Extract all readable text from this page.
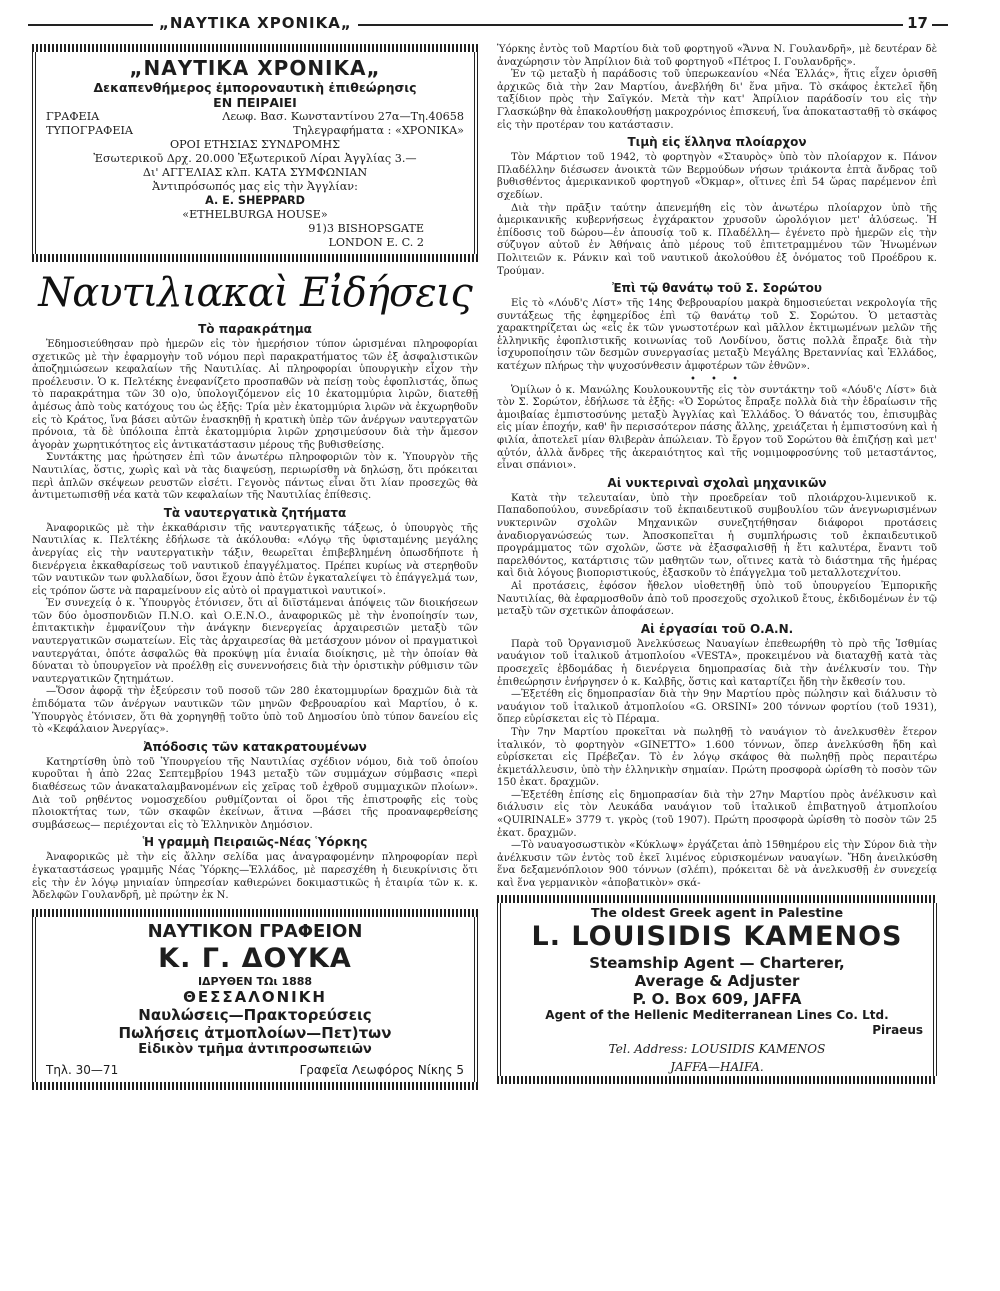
„ΝΑΥΤΙΚΑ ΧΡΟΝΙΚΑ„	17
„ΝΑΥΤΙΚΑ ΧΡΟΝΙΚΑ„
Δεκαπενθήμερος ἐμποροναυτικὴ ἐπιθεώρησις
ΕΝ ΠΕΙΡΑΙΕΙ
ΓΡΑΦΕΙΑ	Λεωφ. Βασ. Κωνσταντίνου 27α—Τη.40658
ΤΥΠΟΓΡΑΦΕΙΑ	Τηλεγραφήματα : «ΧΡΟΝΙΚΑ»
ΟΡΟΙ ΕΤΗΣΙΑΣ ΣΥΝΔΡΟΜΗΣ
Ἐσωτερικοῦ Δρχ. 20.000 Ἐξωτερικοῦ Λίραι Ἀγγλίας 3.—
Δι' ΑΓΓΕΛΙΑΣ κλπ. ΚΑΤΑ ΣΥΜΦΩΝΙΑΝ
Ἀντιπρόσωπός μας εἰς τὴν Ἀγγλίαν:
A. E. SHEPPARD
«ETHELBURGA HOUSE»
91)3 BISHOPSGATE
LONDON E. C. 2
Ναυτιλιακαὶ Εἰδήσεις
Τὸ παρακράτημα

Ἐδημοσιεύθησαν πρὸ ἡμερῶν εἰς τὸν ἡμερήσιον τύπον ὡρισμέναι πληροφορίαι σχετικῶς μὲ τὴν ἐφαρμογὴν τοῦ νόμου περὶ παρακρατήματος τῶν ἐξ ἀσφαλιστικῶν ἀποζημιώσεων κεφαλαίων τῆς Ναυτιλίας. Αἱ πληροφορίαι ὑπουργικὴν εἶχον τὴν προέλευσιν. Ὁ κ. Πελτέκης ἐνεφανίζετο προσπαθῶν νὰ πείσῃ τοὺς ἐφοπλιστάς, ὅπως τὸ παρακράτημα τῶν 30 ο)ο, ὑπολογιζόμενον εἰς 10 ἑκατομμύρια λιρῶν, διατεθῇ ἀμέσως ἀπὸ τοὺς κατόχους του ὡς ἑξῆς: Τρία μὲν ἑκατομμύρια λιρῶν νὰ ἐκχωρηθοῦν εἰς τὸ Κράτος, ἵνα βάσει αὐτῶν ἐνασκηθῇ ἡ κρατικὴ ὑπὲρ τῶν ἀνέργων ναυτεργατῶν πρόνοια, τὰ δὲ ὑπόλοιπα ἑπτὰ ἑκατομμύρια λιρῶν χρησιμεύσουν διὰ τὴν ἄμεσον ἀγορὰν χωρητικότητος εἰς ἀντικατάστασιν μέρους τῆς βυθισθείσης.

Συντάκτης μας ἠρώτησεν ἐπὶ τῶν ἀνωτέρω πληροφοριῶν τὸν κ. Ὑπουργὸν τῆς Ναυτιλίας, ὅστις, χωρὶς καὶ νὰ τὰς διαψεύσῃ, περιωρίσθη νὰ δηλώσῃ, ὅτι πρόκειται περὶ ἁπλῶν σκέψεων ρευστῶν εἰσέτι. Γεγονὸς πάντως εἶναι ὅτι λίαν προσεχῶς θὰ ἀντιμετωπισθῇ νέα κατὰ τῶν κεφαλαίων τῆς Ναυτιλίας ἐπίθεσις.

Τὰ ναυτεργατικὰ ζητήματα

Ἀναφορικῶς μὲ τὴν ἐκκαθάρισιν τῆς ναυτεργατικῆς τάξεως, ὁ ὑπουργὸς τῆς Ναυτιλίας κ. Πελτέκης ἐδήλωσε τὰ ἀκόλουθα: «Λόγῳ τῆς ὑφισταμένης μεγάλης ἀνεργίας εἰς τὴν ναυτεργατικὴν τάξιν, θεωρεῖται ἐπιβεβλημένη ὁπωσδήποτε ἡ διενέργεια ἐκκαθαρίσεως τοῦ ναυτικοῦ ἐπαγγέλματος. Πρέπει κυρίως νὰ στερηθοῦν τῶν ναυτικῶν των φυλλαδίων, ὅσοι ἔχουν ἀπὸ ἐτῶν ἐγκαταλείψει τὸ ἐπάγγελμά των, εἰς τρόπον ὥστε νὰ παραμείνουν εἰς αὐτὸ οἱ πραγματικοὶ ναυτικοί».

Ἐν συνεχείᾳ ὁ κ. Ὑπουργὸς ἐτόνισεν, ὅτι αἱ διϊστάμεναι ἀπόψεις τῶν διοικήσεων τῶν δύο ὁμοσπονδιῶν Π.Ν.Ο. καὶ Ο.Ε.Ν.Ο., ἀναφορικῶς μὲ τὴν ἑνοποίησίν των, ἐπιτακτικὴν ἐμφανίζουν τὴν ἀνάγκην διενεργείας ἀρχαιρεσιῶν μεταξὺ τῶν ναυτεργατικῶν σωματείων. Εἰς τὰς ἀρχαιρεσίας θὰ μετάσχουν μόνον οἱ πραγματικοὶ ναυτεργάται, ὁπότε ἀσφαλῶς θὰ προκύψῃ μία ἑνιαία διοίκησις, μὲ τὴν ὁποίαν θὰ δύναται τὸ ὑπουργεῖον νὰ προέλθῃ εἰς συνεννοήσεις διὰ τὴν ὁριστικὴν ρύθμισιν τῶν ναυτεργατικῶν ζητημάτων.

—Ὅσον ἀφορᾷ τὴν ἐξεύρεσιν τοῦ ποσοῦ τῶν 280 ἑκατομμυρίων δραχμῶν διὰ τὰ ἐπιδόματα τῶν ἀνέργων ναυτικῶν τῶν μηνῶν Φεβρουαρίου καὶ Μαρτίου, ὁ κ. Ὑπουργὸς ἐτόνισεν, ὅτι θὰ χορηγηθῇ τοῦτο ὑπὸ τοῦ Δημοσίου ὑπὸ τύπον δανείου εἰς τὸ «Κεφάλαιον Ἀνεργίας».

Ἀπόδοσις τῶν κατακρατουμένων

Κατηρτίσθη ὑπὸ τοῦ Ὑπουργείου τῆς Ναυτιλίας σχέδιον νόμου, διὰ τοῦ ὁποίου κυροῦται ἡ ἀπὸ 22ας Σεπτεμβρίου 1943 μεταξὺ τῶν συμμάχων σύμβασις «περὶ διαθέσεως τῶν ἀνακαταλαμβανομένων εἰς χεῖρας τοῦ ἐχθροῦ συμμαχικῶν πλοίων». Διὰ τοῦ ρηθέντος νομοσχεδίου ρυθμίζονται οἱ ὅροι τῆς ἐπιστροφῆς εἰς τοὺς πλοιοκτήτας των, τῶν σκαφῶν ἐκείνων, ἅτινα —βάσει τῆς προαναφερθείσης συμβάσεως— περιέχονται εἰς τὸ Ἑλληνικὸν Δημόσιον.

Ἡ γραμμὴ Πειραιῶς-Νέας Ὑόρκης

Ἀναφορικῶς μὲ τὴν εἰς ἄλλην σελίδα μας ἀναγραφομένην πληροφορίαν περὶ ἐγκαταστάσεως γραμμῆς Νέας Ὑόρκης—Ἑλλάδος, μὲ παρεσχέθη ἡ διευκρίνισις ὅτι εἰς τὴν ἐν λόγῳ μηνιαίαν ὑπηρεσίαν καθιερώνει δοκιμαστικῶς ἡ ἑταιρία τῶν κ. κ. Ἀδελφῶν Γουλανδρῆ, μὲ πρώτην ἐκ Ν.

ΝΑΥΤΙΚΟΝ ΓΡΑΦΕΙΟΝ
Κ. Γ. ΔΟΥΚΑ
ΙΔΡΥΘΕΝ ΤΩι 1888
ΘΕΣΣΑΛΟΝΙΚΗ
Ναυλώσεις—Πρακτορεύσεις
Πωλήσεις ἀτμοπλοίων—Πετ)των
Εἰδικὸν τμῆμα ἀντιπροσωπειῶν
Τηλ. 30—71	Γραφεῖα Λεωφόρος Νίκης 5

Ὑόρκης ἐντὸς τοῦ Μαρτίου διὰ τοῦ φορτηγοῦ «Ἄννα Ν. Γουλανδρῆ», μὲ δευτέραν δὲ ἀναχώρησιν τὸν Ἀπρίλιον διὰ τοῦ φορτηγοῦ «Πέτρος Ι. Γουλανδρῆς».

Ἐν τῷ μεταξὺ ἡ παράδοσις τοῦ ὑπερωκεανίου «Νέα Ἑλλάς», ἥτις εἶχεν ὁρισθῆ ἀρχικῶς διὰ τὴν 2αν Μαρτίου, ἀνεβλήθη δι' ἕνα μῆνα. Τὸ σκάφος ἐκτελεῖ ἤδη ταξίδιον πρὸς τὴν Σαϊγκόν. Μετὰ τὴν κατ' Ἀπρίλιον παράδοσίν του εἰς τὴν Γλασκώβην θὰ ἐπακολουθήσῃ μακροχρόνιος ἐπισκευή, ἵνα ἀποκατασταθῇ τὸ σκάφος εἰς τὴν προτέραν του κατάστασιν.

Τιμὴ εἰς ἕλληνα πλοίαρχον

Τὸν Μάρτιον τοῦ 1942, τὸ φορτηγὸν «Σταυρὸς» ὑπὸ τὸν πλοίαρχον κ. Πάνον Πλαδέλλην διέσωσεν ἀνοικτὰ τῶν Βερμούδων νήσων τριάκοντα ἑπτὰ ἄνδρας τοῦ βυθισθέντος ἀμερικανικοῦ φορτηγοῦ «Ὀκμαρ», οἵτινες ἐπὶ 54 ὥρας παρέμενον ἐπὶ σχεδίων.

Διὰ τὴν πρᾶξιν ταύτην ἀπενεμήθη εἰς τὸν ἀνωτέρω πλοίαρχον ὑπὸ τῆς ἀμερικανικῆς κυβερνήσεως ἐγχάρακτον χρυσοῦν ὡρολόγιον μετ' ἁλύσεως. Ἡ ἐπίδοσις τοῦ δώρου—ἐν ἀπουσίᾳ τοῦ κ. Πλαδέλλη— ἐγένετο πρὸ ἡμερῶν εἰς τὴν σύζυγον αὐτοῦ ἐν Ἀθήναις ἀπὸ μέρους τοῦ ἐπιτετραμμένου τῶν Ἡνωμένων Πολιτειῶν κ. Ράνκιν καὶ τοῦ ναυτικοῦ ἀκολούθου ἐξ ὀνόματος τοῦ Προέδρου κ. Τρούμαν.

Ἐπὶ τῷ θανάτῳ τοῦ Σ. Σορώτου

Εἰς τὸ «Λόυδ'ς Λίστ» τῆς 14ης Φεβρουαρίου μακρὰ δημοσιεύεται νεκρολογία τῆς συντάξεως τῆς ἐφημερίδος ἐπὶ τῷ θανάτῳ τοῦ Σ. Σορώτου. Ὁ μεταστὰς χαρακτηρίζεται ὡς «εἷς ἐκ τῶν γνωστοτέρων καὶ μᾶλλον ἐκτιμωμένων μελῶν τῆς ἑλληνικῆς ἐφοπλιστικῆς κοινωνίας τοῦ Λονδίνου, ὅστις πολλὰ ἔπραξε διὰ τὴν ἰσχυροποίησιν τῶν δεσμῶν συνεργασίας μεταξὺ Μεγάλης Βρεταννίας καὶ Ἑλλάδος, κατέχων πλήρως τὴν ψυχοσύνθεσιν ἀμφοτέρων τῶν ἐθνῶν».

• • •

Ὁμίλων ὁ κ. Μανώλης Κουλουκουντῆς εἰς τὸν συντάκτην τοῦ «Λόυδ'ς Λίστ» διὰ τὸν Σ. Σορώτον, ἐδήλωσε τὰ ἑξῆς: «Ὁ Σορώτος ἔπραξε πολλὰ διὰ τὴν ἑδραίωσιν τῆς ἀμοιβαίας ἐμπιστοσύνης μεταξὺ Ἀγγλίας καὶ Ἑλλάδος. Ὁ θάνατός του, ἐπισυμβὰς εἰς μίαν ἐποχήν, καθ' ἣν περισσότερον πάσης ἄλλης, χρειάζεται ἡ ἐμπιστοσύνη καὶ ἡ φιλία, ἀποτελεῖ μίαν θλιβερὰν ἀπώλειαν. Τὸ ἔργον τοῦ Σορώτου θὰ ἐπιζήσῃ καὶ μετ' αὐτόν, ἀλλὰ ἄνδρες τῆς ἀκεραιότητος καὶ τῆς νομιμοφροσύνης τοῦ μεταστάντος, εἶναι σπάνιοι».

Αἱ νυκτεριναὶ σχολαὶ μηχανικῶν

Κατὰ τὴν τελευταίαν, ὑπὸ τὴν προεδρείαν τοῦ πλοιάρχου-λιμενικοῦ κ. Παπαδοπούλου, συνεδρίασιν τοῦ ἐκπαιδευτικοῦ συμβουλίου τῶν ἀνεγνωρισμένων νυκτερινῶν σχολῶν Μηχανικῶν συνεζητήθησαν διάφοροι προτάσεις ἀναδιοργανώσεώς των. Ἀποσκοπεῖται ἡ συμπλήρωσις τοῦ ἐκπαιδευτικοῦ προγράμματος τῶν σχολῶν, ὥστε νὰ ἐξασφαλισθῇ ἡ ἔτι καλυτέρα, ἔναντι τοῦ παρελθόντος, κατάρτισις τῶν μαθητῶν των, οἵτινες κατὰ τὸ διάστημα τῆς ἡμέρας καὶ διὰ λόγους βιοποριστικούς, ἐξασκοῦν τὸ ἐπάγγελμα τοῦ μεταλλοτεχνίτου.

Αἱ προτάσεις, ἐφόσον ἤθελον υἱοθετηθῇ ὑπὸ τοῦ ὑπουργείου Ἐμπορικῆς Ναυτιλίας, θὰ ἐφαρμοσθοῦν ἀπὸ τοῦ προσεχοῦς σχολικοῦ ἔτους, ἐκδιδομένων ἐν τῷ μεταξὺ τῶν σχετικῶν ἀποφάσεων.

Αἱ ἐργασίαι τοῦ Ο.Α.Ν.

Παρὰ τοῦ Ὀργανισμοῦ Ἀνελκύσεως Ναυαγίων ἐπεθεωρήθη τὸ πρὸ τῆς Ἰσθμίας ναυάγιον τοῦ ἰταλικοῦ ἀτμοπλοίου «VESTA», προκειμένου νὰ διαταχθῇ κατὰ τὰς προσεχεῖς ἑβδομάδας ἡ διενέργεια δημοπρασίας διὰ τὴν ἀνέλκυσίν του. Τὴν ἐπιθεώρησιν ἐνήργησεν ὁ κ. Καλβῆς, ὅστις καὶ καταρτίζει ἤδη τὴν ἔκθεσίν του.

—Ἐξετέθη εἰς δημοπρασίαν διὰ τὴν 9ην Μαρτίου πρὸς πώλησιν καὶ διάλυσιν τὸ ναυάγιον τοῦ ἰταλικοῦ ἀτμοπλοίου «G. ORSINI» 200 τόννων φορτίου (τοῦ 1931), ὅπερ εὑρίσκεται εἰς τὸ Πέραμα.

Τὴν 7ην Μαρτίου προκεῖται νὰ πωληθῇ τὸ ναυάγιον τὸ ἀνελκυσθὲν ἕτερον ἰταλικόν, τὸ φορτηγὸν «GINETTO» 1.600 τόννων, ὅπερ ἀνελκύσθη ἤδη καὶ εὑρίσκεται εἰς Πρέβεζαν. Τὸ ἐν λόγῳ σκάφος θὰ πωληθῇ πρὸς περαιτέρω ἐκμετάλλευσιν, ὑπὸ τὴν ἑλληνικὴν σημαίαν. Πρώτη προσφορὰ ὡρίσθη τὸ ποσὸν τῶν 150 ἑκατ. δραχμῶν.

—Ἐξετέθη ἐπίσης εἰς δημοπρασίαν διὰ τὴν 27ην Μαρτίου πρὸς ἀνέλκυσιν καὶ διάλυσιν εἰς τὸν Λευκάδα ναυάγιον τοῦ ἰταλικοῦ ἐπιβατηγοῦ ἀτμοπλοίου «QUIRINALE» 3779 τ. γκρὸς (τοῦ 1907). Πρώτη προσφορὰ ὡρίσθη τὸ ποσὸν τῶν 25 ἑκατ. δραχμῶν.

—Τὸ ναυαγοσωστικὸν «Κύκλωψ» ἐργάζεται ἀπὸ 15θημέρου εἰς τὴν Σύρον διὰ τὴν ἀνέλκυσιν τῶν ἐντὸς τοῦ ἐκεῖ λιμένος εὑρισκομένων ναυαγίων. Ἤδη ἀνειλκύσθη ἕνα δεξαμενόπλοιον 900 τόννων (σλέπι), πρόκειται δὲ νὰ ἀνελκυσθῇ ἐν συνεχείᾳ καὶ ἕνα γερμανικὸν «ἀποβατικὸν» σκά-

The oldest Greek agent in Palestine
L. LOUISIDIS KAMENOS
Steamship Agent — Charterer,
Average & Adjuster
P. O. Box 609, JAFFA
Agent of the Hellenic Mediterranean Lines Co. Ltd.
Piraeus
Tel. Address: LOUSIDIS KAMENOS
JAFFA—HAIFA.
